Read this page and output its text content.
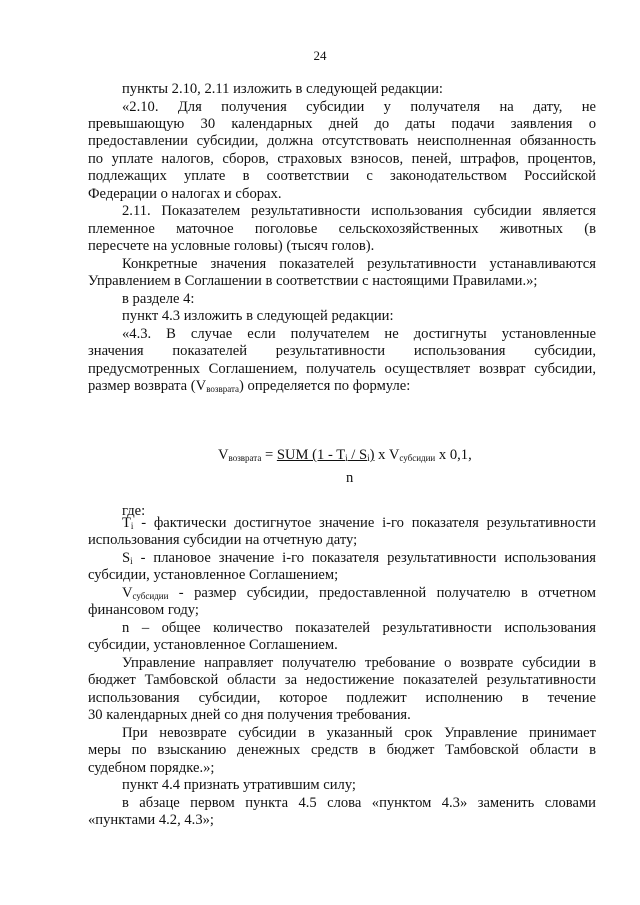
24
пункты 2.10, 2.11 изложить в следующей редакции:
«2.10. Для получения субсидии у получателя на дату, не
превышающую 30 календарных дней до даты подачи заявления о
предоставлении субсидии, должна отсутствовать неисполненная обязанность
по уплате налогов, сборов, страховых взносов, пеней, штрафов, процентов,
подлежащих уплате в соответствии с законодательством Российской
Федерации о налогах и сборах.
2.11. Показателем результативности использования субсидии является
племенное маточное поголовье сельскохозяйственных животных (в
пересчете на условные головы) (тысяч голов).
Конкретные значения показателей результативности устанавливаются
Управлением в Соглашении в соответствии с настоящими Правилами.»;
в разделе 4:
пункт 4.3 изложить в следующей редакции:
«4.3. В случае если получателем не достигнуты установленные
значения показателей результативности использования субсидии,
предусмотренных Соглашением, получатель осуществляет возврат субсидии,
размер возврата $(V_{возврата})$ определяется по формуле:
где:
$T_i$ - фактически достигнутое значение i-го показателя результативности
использования субсидии на отчетную дату;
$S_i$ - плановое значение i-го показателя результативности использования
субсидии, установленное Соглашением;
$V_{субсидии}$ - размер субсидии, предоставленной получателю в отчетном
финансовом году;
n – общее количество показателей результативности использования
субсидии, установленное Соглашением.
Управление направляет получателю требование о возврате субсидии в
бюджет Тамбовской области за недостижение показателей результативности
использования субсидии, которое подлежит исполнению в течение
30 календарных дней со дня получения требования.
При невозврате субсидии в указанный срок Управление принимает
меры по взысканию денежных средств в бюджет Тамбовской области в
судебном порядке.»;
пункт 4.4 признать утратившим силу;
в абзаце первом пункта 4.5 слова «пунктом 4.3» заменить словами
«пунктами 4.2, 4.3»;
$V_{возврата}$ = SUM $(1 - T_i / S_i)$ x $V_{субсидии}$ x 0,1,
n
